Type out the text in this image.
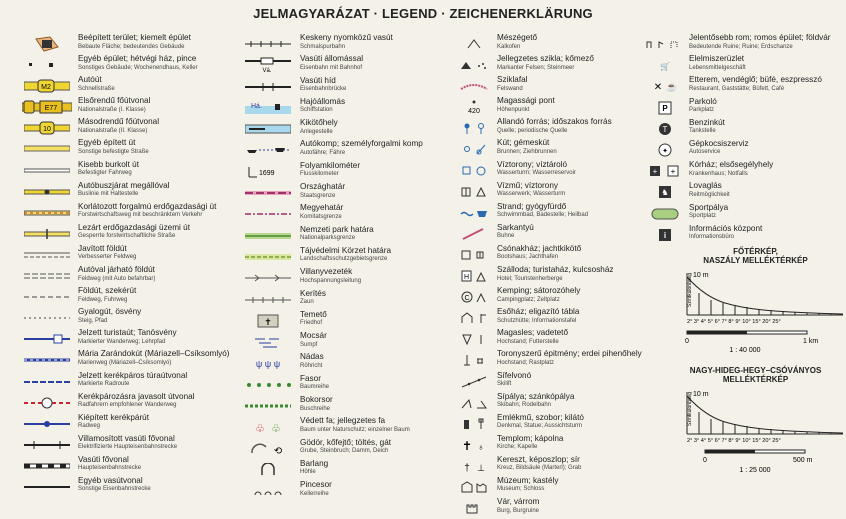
JELMAGYARÁZAT · LEGEND · ZEICHENERKLÄRUNG
Beépített terület; kiemelt épület
Bebaute Fläche; bedeutendes Gebäude
Egyéb épület; hétvégi ház, pince
Sonstiges Gebäude; Wochenendhaus, Keller
M2
Autóút
Schnellstraße
E77
Elsőrendű főútvonal
Nationalstraße (I. Klasse)
10
Másodrendű főútvonal
Nationalstraße (II. Klasse)
Egyéb épített út
Sonstige befestigte Straße
Kisebb burkolt út
Befestigter Fahrweg
Autóbuszjárat megállóval
Buslinie mit Haltestelle
Korlátozott forgalmú erdőgazdasági út
Forstwirtschaftsweg mit beschränktem Verkehr
Lezárt erdőgazdasági üzemi út
Gesperrte forstwirtschaftliche Straße
Javított földút
Verbesserter Feldweg
Autóval járható földút
Feldweg (mit Auto befahrbar)
Földút, szekérút
Feldweg, Fuhrweg
Gyalogút, ösvény
Steig, Pfad
Jelzett turistaút; Tanösvény
Markierter Wanderweg; Lehrpfad
Mária Zarándokút (Máriazell–Csíksomlyó)
Marienweg (Máriazell–Csíksomlyó)
Jelzett kerékpáros túraútvonal
Markierte Radroute
Kerékpározásra javasolt útvonal
Radfahrern empfohlener Wanderweg
Kiépített kerékpárút
Radweg
Villamosított vasúti fővonal
Elektrifizierte Haupteisenbahnstrecke
Vasúti fővonal
Haupteisenbahnstrecke
Egyéb vasútvonal
Sonstige Eisenbahnstrecke
Keskeny nyomközű vasút
Schmalspurbahn
Vá.
Vasúti állomással
Eisenbahn mit Bahnhof
Vasúti híd
Eisenbahnbrücke
Há.
Hajóállomás
Schiffstation
Kikötőhely
Anlegestelle
Autókomp; személyforgalmi komp
Autofähre; Fähre
1699
Folyamkilométer
Flusskilometer
Országhatár
Staatsgrenze
Megyehatár
Komitatsgrenze
Nemzeti park határa
Nationalparksgrenze
Tájvédelmi Körzet határa
Landschaftsschutzgebietsgrenze
Villanyvezeték
Hochspannungsleitung
Kerítés
Zaun
✝
Temető
Friedhof
Mocsár
Sumpf
ψ ψ ψ
Nádas
Röhricht
Fasor
Baumreihe
Bokorsor
Buschreihe
♧ ♧
Védett fa; jellegzetes fa
Baum unter Naturschutz; einzelner Baum
⟲
Gödör, kőfejtő; töltés, gát
Grube, Steinbruch; Damm, Deich
Barlang
Höhle
Pincesor
Kellerreihe
Mészégető
Kalkofen
Jellegzetes szikla; kőmező
Markanter Felsen; Steinmeer
Sziklafal
Felswand
420
Magassági pont
Höhenpunkt
Állandó forrás; időszakos forrás
Quelle; periodische Quelle
Kút; gémeskút
Brunnen; Ziehbrunnen
Víztorony; víztároló
Wasserturm; Wasserreservoir
Vízmű; víztorony
Wasserwerk; Wasserturm
Strand; gyógyfürdő
Schwimmbad, Badestelle; Heilbad
Sarkantyú
Buhne
Csónakház; jachtkikötő
Bootshaus; Jachthafen
H
Szálloda; turistaház, kulcsosház
Hotel; Touristenherberge
C
Kemping; sátorozóhely
Campingplatz; Zeltplatz
Esőház; eligazító tábla
Schutzhütte; Informationstafel
Magasles; vadetető
Hochstand; Futterstelle
Toronyszerű épitmény; erdei pihenőhely
Hochstand; Rastplatz
Sífelvonó
Skilift
Sípálya; szánkópálya
Skibahn; Rodelbahn
Emlékmű, szobor; kilátó
Denkmal, Statue; Aussichtsturm
✝ ♁
Templom; kápolna
Kirche; Kapelle
† ⊥
Kereszt, képoszlop; sír
Kreuz, Bildsäule (Marterl); Grab
Múzeum; kastély
Museum; Schloss
Vár, várrom
Burg, Burgruine
Jelentősebb rom; romos épület; földvár
Bedeutende Ruine; Ruine; Erdschanze
🛒
Élelmiszerüzlet
Lebensmittelgeschäft
✕ ☕
Étterem, vendéglő; büfé, eszpresszó
Restaurant, Gaststätte; Büfett, Café
P
Parkoló
Parkplatz
T
Benzinkút
Tankstelle
✦
Gépkocsiszerviz
Autoservice
+ +
Kórház; elsősegélyhely
Krankenhaus; Notfalls
♞
Lovaglás
Reitmöglichkeit
Sportpálya
Sportplatz
i
Információs központ
Informationsbüro
FŐTÉRKÉP,
NASZÁLY MELLÉKTÉRKÉP
Szintkülönbség 10 m
2° 3° 4° 5° 6° 7° 8° 9° 10° 15° 20° 25°
0	1 km
1 : 40 000
NAGY-HIDEG-HEGY–CSÓVÁNYOS
MELLÉKTÉRKÉP
Szintkülönbség 10 m
2° 3° 4° 5° 6° 7° 8° 9° 10° 15° 20° 25°
0	500 m
1 : 25 000
